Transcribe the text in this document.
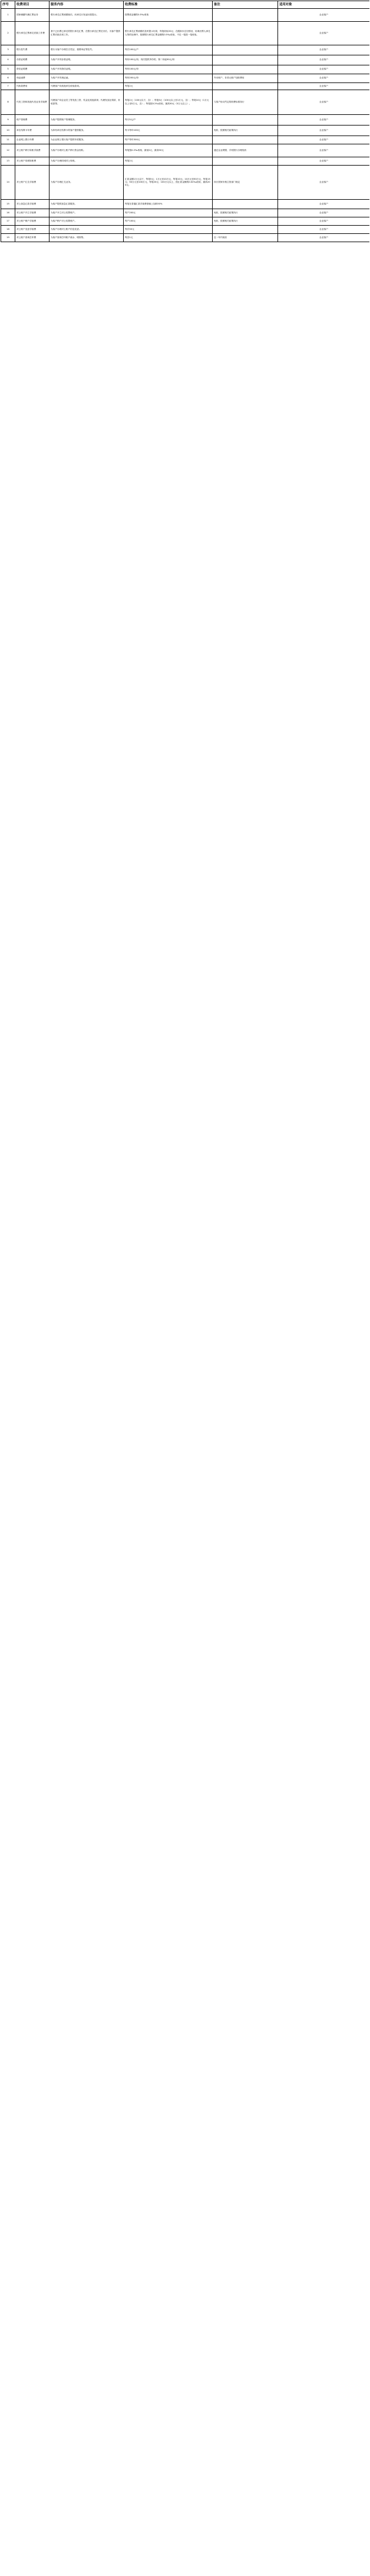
序号	收费项目	服务内容	收费标准	备注	适用对象
1	国家储蓄代理汇票业务	银行承兑汇票到期前后，向承兑行发起付款提示。	按票面金额的0.5‰收取		企业客户
2	银行承兑汇票承兑后续工作费	基于已出票已承兑的银行承兑汇票，在银行承兑汇票兑付后，为客户提供汇票后续各项工作。	银行承兑汇票到期后及时提示付款，每笔收取20元；在跟踪未兑付情况、协调出票人承兑人等的处理中，按照银行承兑汇票金额的0.5‰收取，不足一笔按一笔收取。		企业客户
3	银行挂失费	银行为客户办理空白凭证、重要单证等挂失。	每次100元/户		企业客户
4	存款证明费	为客户开具存款证明。	每份100元/份，同次提供多份的，第二份起50元/份		企业客户
5	资信证明费	为客户开具资信证明。	每份100元/份		企业客户
6	询证函费	为客户开具询证函。	每份200元/份	外币账户，非美元账户加收费用	企业客户
7	代收款费用	代理客户向其他单位收取款项。	每笔2元		企业客户
8	代发工资和其他代发业务手续费	代理客户向企业员工等发放工资、奖金及其他款项；代理发放社保款、补贴款等。	每笔2元（100元以下，含）；每笔5元（100元以上至1万元，含）；每笔10元（1万元以上至5万元，含）；每笔按0.2‰收取，最高50元（5万元以上）。	与客户协议约定的收费标准执行	企业客户
9	账户管理费	为客户提供账户管理服务。	每月5元/户		企业客户
10	单位结算卡年费	为持有单位结算卡的客户提供服务。	每卡每年100元	免收，按照相关政策执行	企业客户
11	企业网上银行年费	为企业网上银行客户提供年度服务。	每户每年300元		企业客户
12	对公账户跨行转账手续费	为客户办理对公账户跨行资金划转。	每笔按0.2‰收取，最低2元，最高50元	通过企业网银、手机银行办理免收	企业客户
13	对公账户同城转账费	为客户办理同城对公转账。	每笔2元		企业客户
14	对公账户汇兑手续费	为客户办理汇兑业务。	汇款金额1万元以下，每笔5元；1万元至10万元，每笔10元；10万元至50万元，每笔15元；50万元至100万元，每笔20元；100万元以上，按汇款金额的0.02‰收取，最高200元。	执行国家价格主管部门规定	企业客户
15	对公加急汇款手续费	为客户提供加急汇款服务。	每笔在普通汇款手续费基础上加收50%		企业客户
16	对公账户开立手续费	为客户开立对公结算账户。	每户200元	免收，按照相关政策执行	企业客户
17	对公账户销户手续费	为客户销户对公结算账户。	每户100元	免收，按照相关政策执行	企业客户
18	对公账户变更手续费	为客户办理对公账户信息变更。	每次50元		企业客户
19	对公账户查询打印费	为客户查询打印账户流水、明细等。	每页1元	近一年内免收	企业客户
